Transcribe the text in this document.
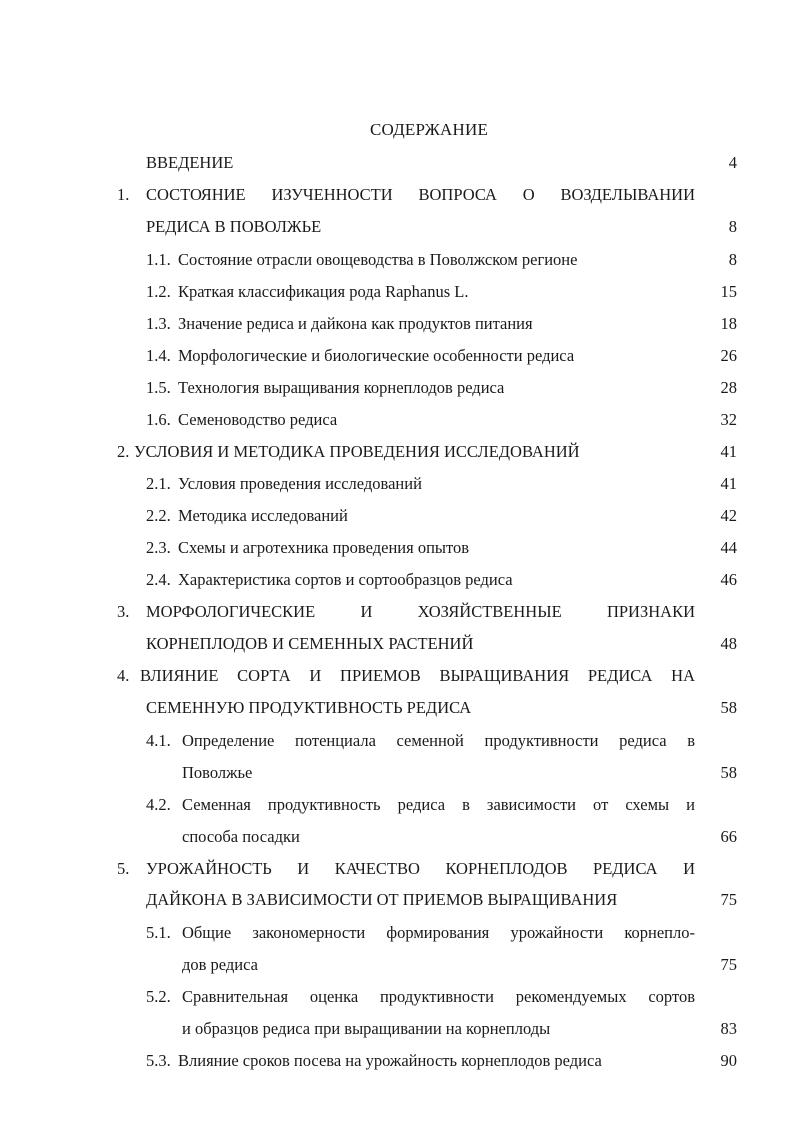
СОДЕРЖАНИЕ
ВВЕДЕНИЕ	4
1. СОСТОЯНИЕ ИЗУЧЕННОСТИ ВОПРОСА О ВОЗДЕЛЫВАНИИ
РЕДИСА В ПОВОЛЖЬЕ	8
1.1. Состояние отрасли овощеводства в Поволжском регионе	8
1.2. Краткая классификация рода Raphanus L.	15
1.3. Значение редиса и дайкона как продуктов питания	18
1.4. Морфологические и биологические особенности редиса	26
1.5. Технология выращивания корнеплодов редиса	28
1.6. Семеноводство редиса	32
2. УСЛОВИЯ И МЕТОДИКА ПРОВЕДЕНИЯ ИССЛЕДОВАНИЙ	41
2.1. Условия проведения исследований	41
2.2. Методика исследований	42
2.3. Схемы и агротехника проведения опытов	44
2.4. Характеристика сортов и сортообразцов редиса	46
3. МОРФОЛОГИЧЕСКИЕ И ХОЗЯЙСТВЕННЫЕ ПРИЗНАКИ
КОРНЕПЛОДОВ И СЕМЕННЫХ РАСТЕНИЙ	48
4. ВЛИЯНИЕ СОРТА И ПРИЕМОВ ВЫРАЩИВАНИЯ РЕДИСА НА
СЕМЕННУЮ ПРОДУКТИВНОСТЬ РЕДИСА	58
4.1. Определение потенциала семенной продуктивности редиса в
Поволжье	58
4.2. Семенная продуктивность редиса в зависимости от схемы и
способа посадки	66
5. УРОЖАЙНОСТЬ И КАЧЕСТВО КОРНЕПЛОДОВ РЕДИСА И
ДАЙКОНА В ЗАВИСИМОСТИ ОТ ПРИЕМОВ ВЫРАЩИВАНИЯ	75
5.1. Общие закономерности формирования урожайности корнепло-
дов редиса	75
5.2. Сравнительная оценка продуктивности рекомендуемых сортов
и образцов редиса при выращивании на корнеплоды	83
5.3. Влияние сроков посева на урожайность корнеплодов редиса	90
